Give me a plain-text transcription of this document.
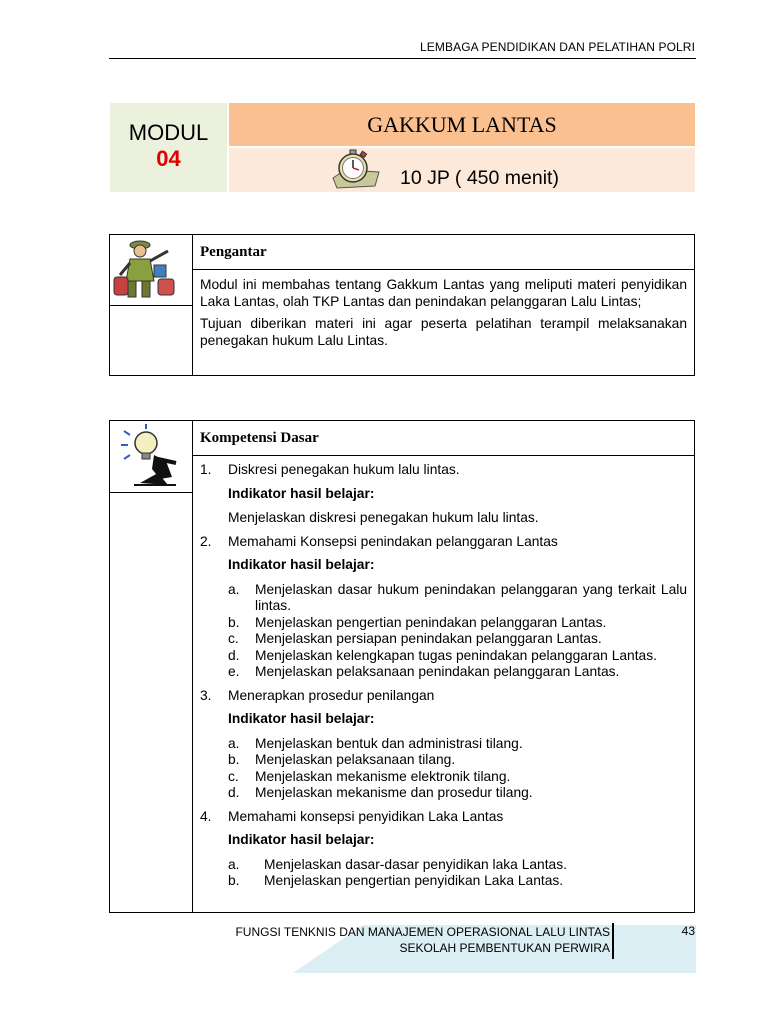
LEMBAGA PENDIDIKAN DAN PELATIHAN POLRI
MODUL
04
GAKKUM LANTAS
10 JP ( 450 menit)
Pengantar

Modul ini membahas tentang Gakkum Lantas yang meliputi materi penyidikan Laka Lantas, olah TKP Lantas dan penindakan pelanggaran Lalu Lintas;

Tujuan diberikan materi ini agar peserta pelatihan terampil melaksanakan penegakan hukum Lalu Lintas.

Kompetensi Dasar
1. Diskresi penegakan hukum lalu lintas.
Indikator hasil belajar:
Menjelaskan diskresi penegakan hukum lalu lintas.
2. Memahami Konsepsi penindakan pelanggaran Lantas
Indikator hasil belajar:
a. Menjelaskan dasar hukum penindakan pelanggaran yang terkait Lalu lintas.
b. Menjelaskan pengertian penindakan pelanggaran Lantas.
c. Menjelaskan persiapan penindakan pelanggaran Lantas.
d. Menjelaskan kelengkapan tugas penindakan pelanggaran Lantas.
e. Menjelaskan pelaksanaan penindakan pelanggaran Lantas.
3. Menerapkan prosedur penilangan
Indikator hasil belajar:
a. Menjelaskan bentuk dan administrasi tilang.
b. Menjelaskan pelaksanaan tilang.
c. Menjelaskan mekanisme elektronik tilang.
d. Menjelaskan mekanisme dan prosedur tilang.
4. Memahami konsepsi penyidikan Laka Lantas
Indikator hasil belajar:
a. Menjelaskan dasar-dasar penyidikan laka Lantas.
b. Menjelaskan pengertian penyidikan Laka Lantas.
FUNGSI TENKNIS DAN MANAJEMEN OPERASIONAL LALU LINTAS
SEKOLAH PEMBENTUKAN PERWIRA
43
